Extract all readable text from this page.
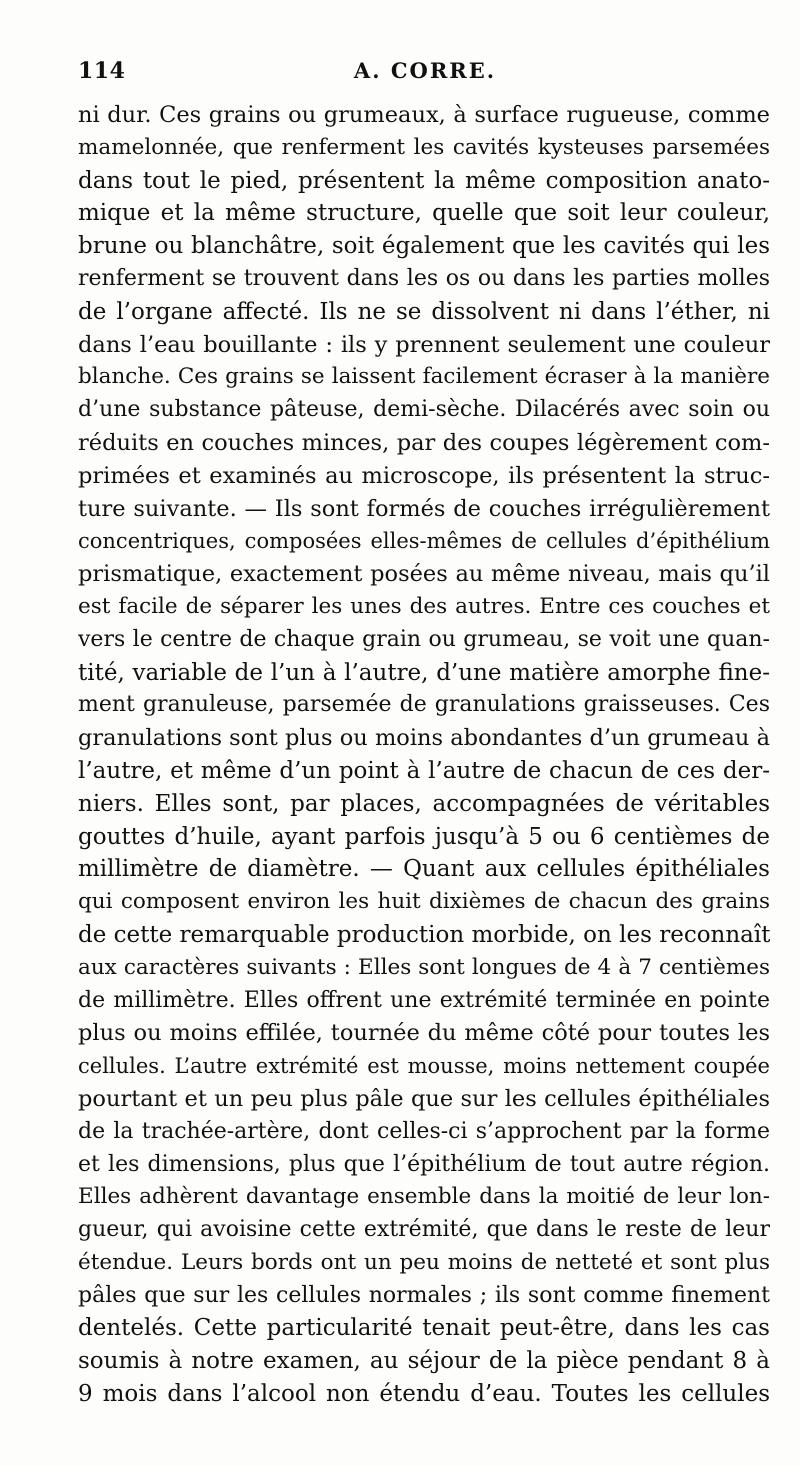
114	A. CORRE.
ni dur. Ces grains ou grumeaux, à surface rugueuse, comme
mamelonnée, que renferment les cavités kysteuses parsemées
dans tout le pied, présentent la même composition anato-
mique et la même structure, quelle que soit leur couleur,
brune ou blanchâtre, soit également que les cavités qui les
renferment se trouvent dans les os ou dans les parties molles
de l’organe affecté. Ils ne se dissolvent ni dans l’éther, ni
dans l’eau bouillante : ils y prennent seulement une couleur
blanche. Ces grains se laissent facilement écraser à la manière
d’une substance pâteuse, demi-sèche. Dilacérés avec soin ou
réduits en couches minces, par des coupes légèrement com-
primées et examinés au microscope, ils présentent la struc-
ture suivante. — Ils sont formés de couches irrégulièrement
concentriques, composées elles-mêmes de cellules d’épithélium
prismatique, exactement posées au même niveau, mais qu’il
est facile de séparer les unes des autres. Entre ces couches et
vers le centre de chaque grain ou grumeau, se voit une quan-
tité, variable de l’un à l’autre, d’une matière amorphe fine-
ment granuleuse, parsemée de granulations graisseuses. Ces
granulations sont plus ou moins abondantes d’un grumeau à
l’autre, et même d’un point à l’autre de chacun de ces der-
niers. Elles sont, par places, accompagnées de véritables
gouttes d’huile, ayant parfois jusqu’à 5 ou 6 centièmes de
millimètre de diamètre. — Quant aux cellules épithéliales
qui composent environ les huit dixièmes de chacun des grains
de cette remarquable production morbide, on les reconnaît
aux caractères suivants : Elles sont longues de 4 à 7 centièmes
de millimètre. Elles offrent une extrémité terminée en pointe
plus ou moins effilée, tournée du même côté pour toutes les
cellules. L’autre extrémité est mousse, moins nettement coupée
pourtant et un peu plus pâle que sur les cellules épithéliales
de la trachée-artère, dont celles-ci s’approchent par la forme
et les dimensions, plus que l’épithélium de tout autre région.
Elles adhèrent davantage ensemble dans la moitié de leur lon-
gueur, qui avoisine cette extrémité, que dans le reste de leur
étendue. Leurs bords ont un peu moins de netteté et sont plus
pâles que sur les cellules normales ; ils sont comme finement
dentelés. Cette particularité tenait peut-être, dans les cas
soumis à notre examen, au séjour de la pièce pendant 8 à
9 mois dans l’alcool non étendu d’eau. Toutes les cellules
